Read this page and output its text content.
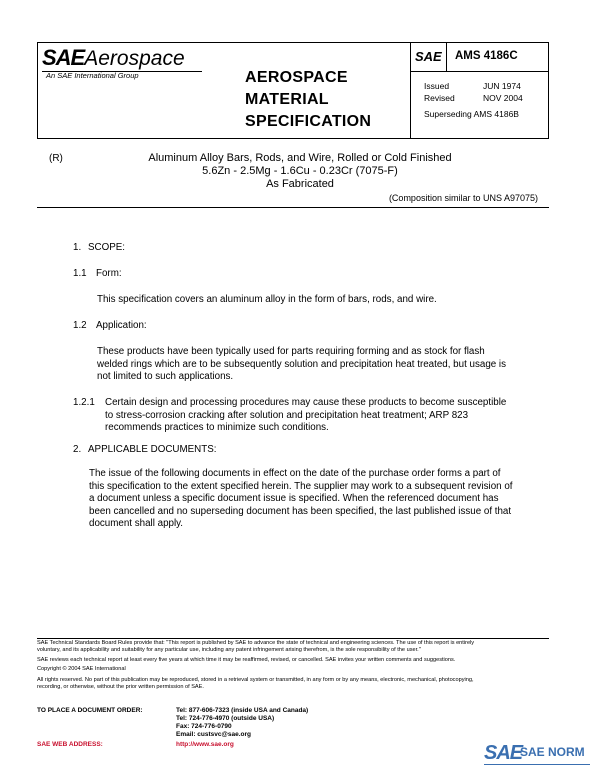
SAEAerospace
An SAE International Group	AEROSPACE
MATERIAL
SPECIFICATION
SAE AMS 4186C
Issued	JUN 1974
Revised	NOV 2004
Superseding AMS 4186B
(R)	Aluminum Alloy Bars, Rods, and Wire, Rolled or Cold Finished
5.6Zn - 2.5Mg - 1.6Cu - 0.23Cr (7075-F)
As Fabricated
(Composition similar to UNS A97075)
1. SCOPE:
1.1 Form:
This specification covers an aluminum alloy in the form of bars, rods, and wire.
1.2 Application:
These products have been typically used for parts requiring forming and as stock for flash
welded rings which are to be subsequently solution and precipitation heat treated, but usage is
not limited to such applications.
1.2.1 Certain design and processing procedures may cause these products to become susceptible
to stress-corrosion cracking after solution and precipitation heat treatment; ARP 823
recommends practices to minimize such conditions.
2. APPLICABLE DOCUMENTS:
The issue of the following documents in effect on the date of the purchase order forms a part of
this specification to the extent specified herein. The supplier may work to a subsequent revision of
a document unless a specific document issue is specified. When the referenced document has
been cancelled and no superseding document has been specified, the last published issue of that
document shall apply.
SAE Technical Standards Board Rules provide that: "This report is published by SAE to advance the state of technical and engineering sciences. The use of this report is entirely
voluntary, and its applicability and suitability for any particular use, including any patent infringement arising therefrom, is the sole responsibility of the user."
SAE reviews each technical report at least every five years at which time it may be reaffirmed, revised, or cancelled. SAE invites your written comments and suggestions.
Copyright © 2004 SAE International
All rights reserved. No part of this publication may be reproduced, stored in a retrieval system or transmitted, in any form or by any means, electronic, mechanical, photocopying,
recording, or otherwise, without the prior written permission of SAE.
TO PLACE A DOCUMENT ORDER:	Tel: 877-606-7323 (inside USA and Canada)
Tel: 724-776-4970 (outside USA)
Fax: 724-776-0790
Email: custsvc@sae.org
SAE WEB ADDRESS:	http://www.sae.org	SAE
SAE NORM
